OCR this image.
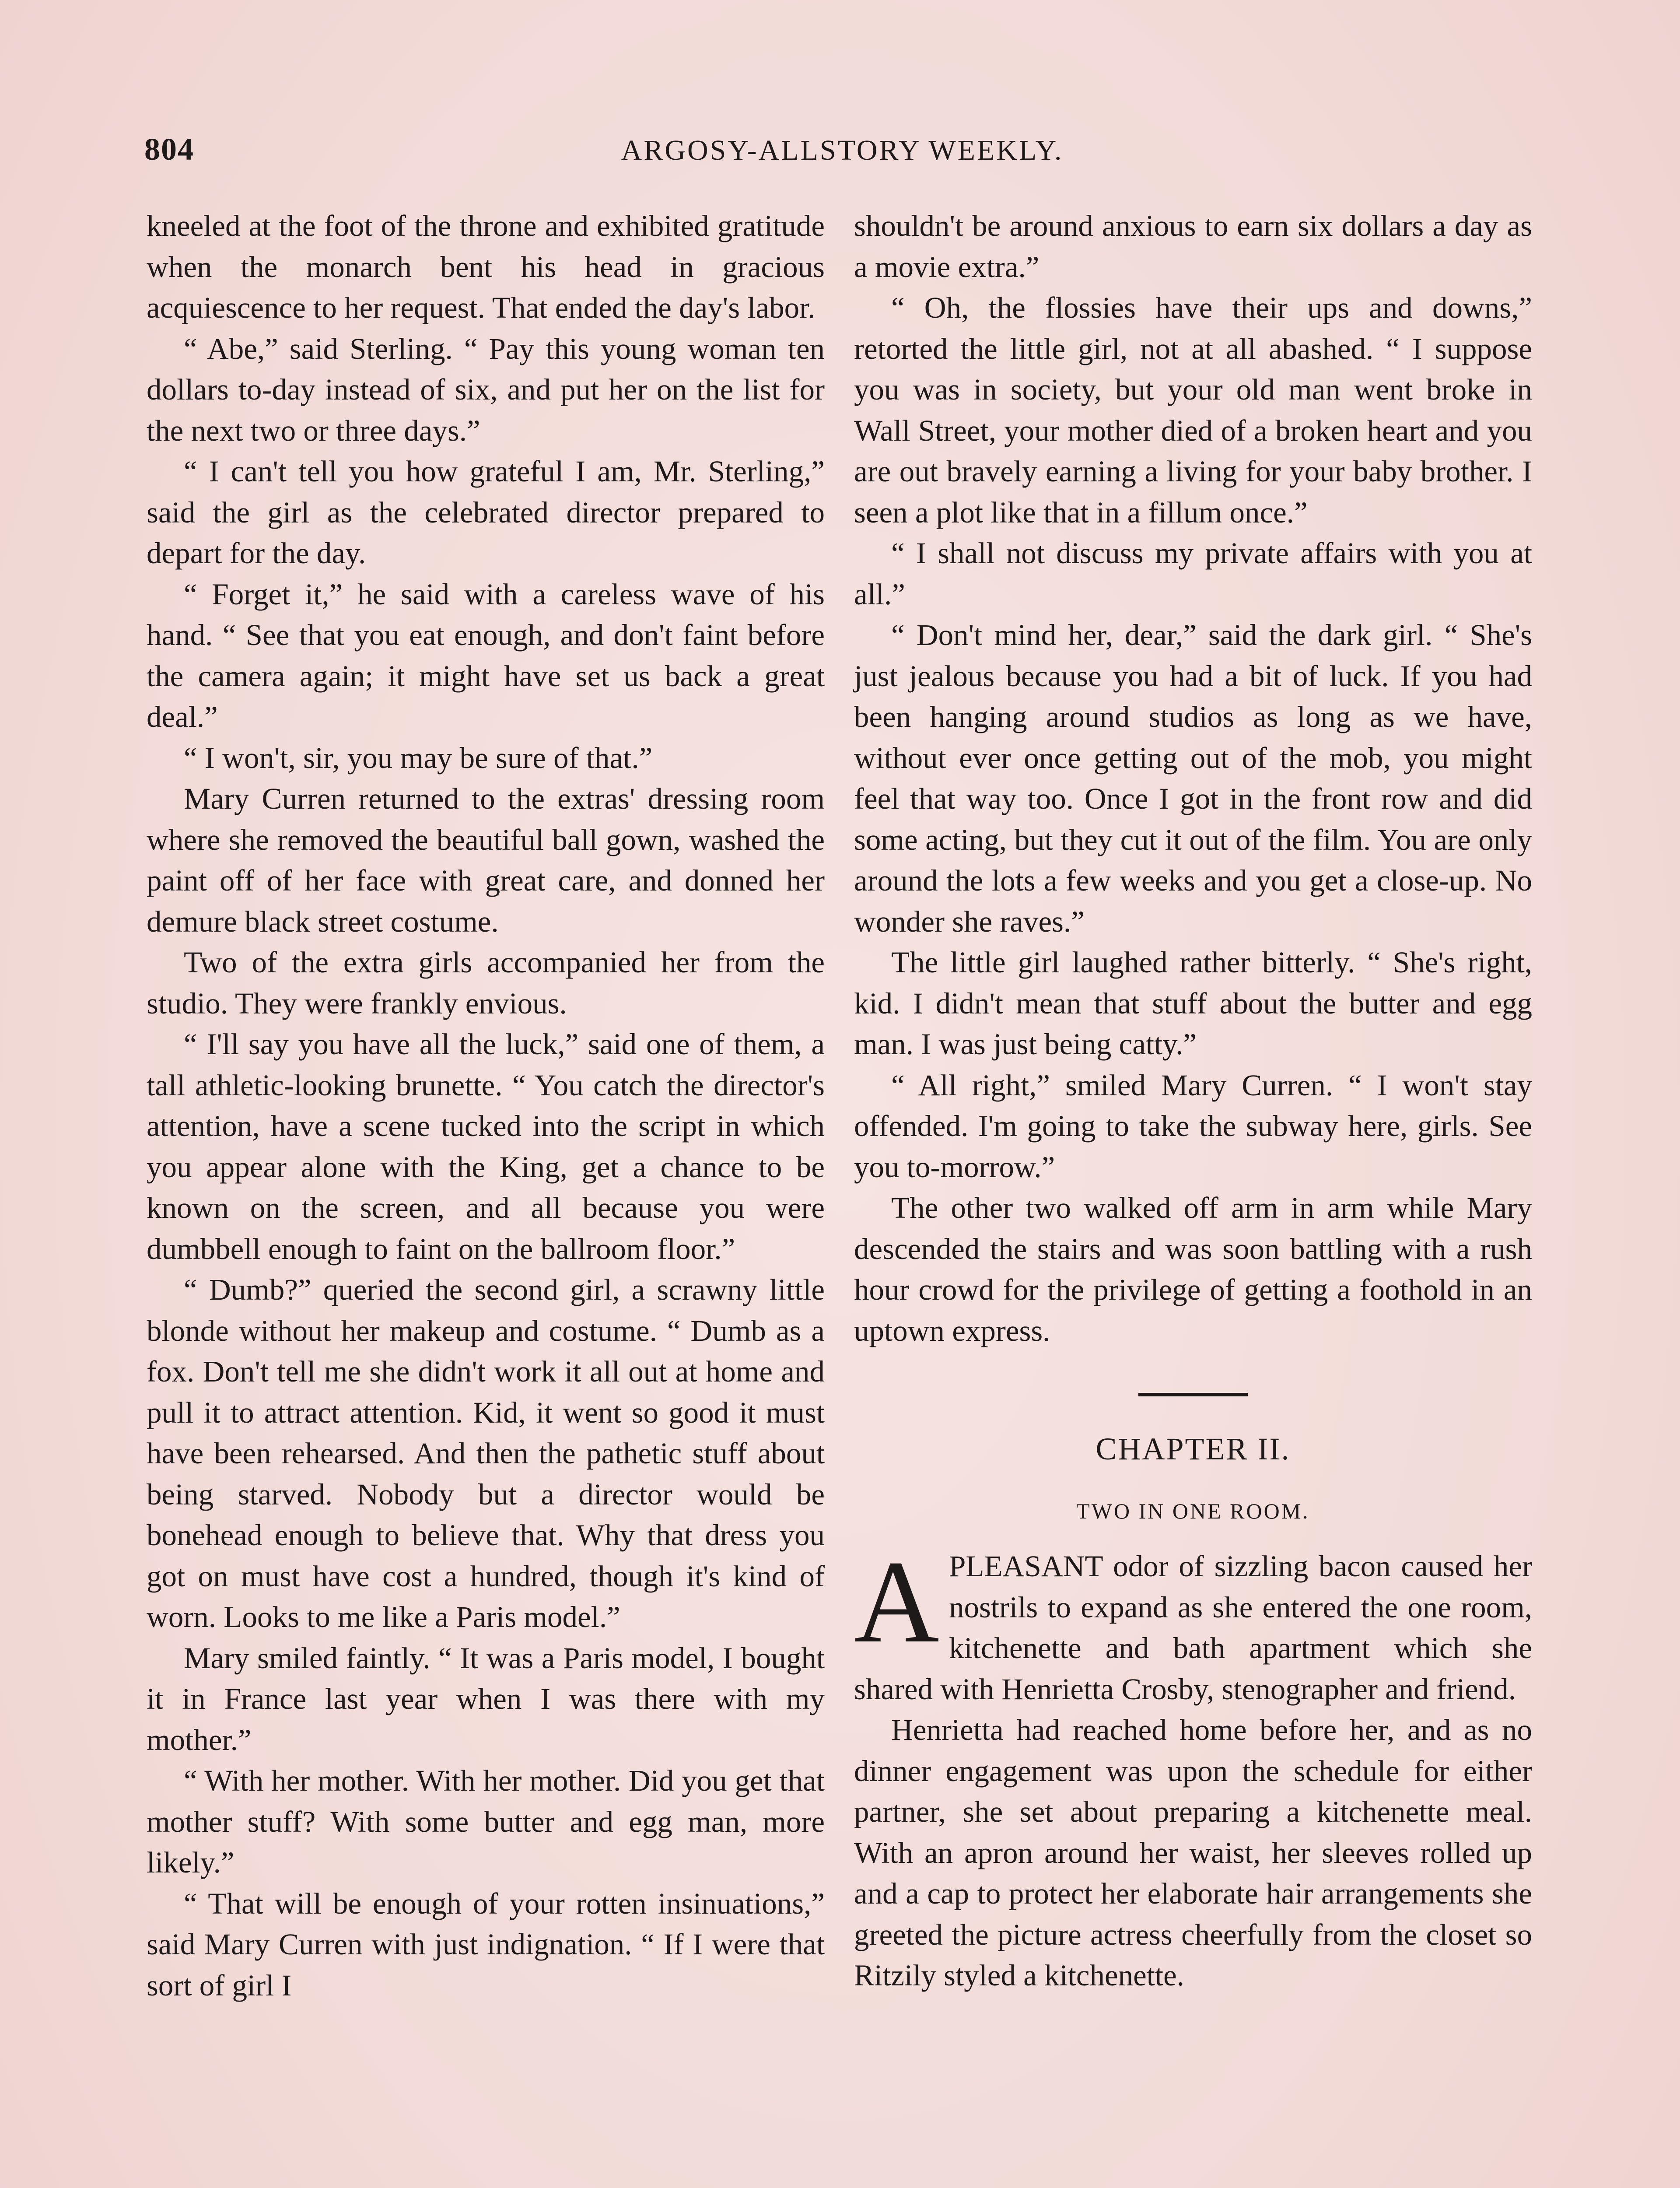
804	ARGOSY-ALLSTORY WEEKLY.

kneeled at the foot of the throne and exhibited gratitude when the monarch bent his head in gracious acquiescence to her request. That ended the day's labor.

“ Abe,” said Sterling. “ Pay this young woman ten dollars to-day instead of six, and put her on the list for the next two or three days.”

“ I can't tell you how grateful I am, Mr. Sterling,” said the girl as the celebrated director prepared to depart for the day.

“ Forget it,” he said with a careless wave of his hand. “ See that you eat enough, and don't faint before the camera again; it might have set us back a great deal.”

“ I won't, sir, you may be sure of that.”

Mary Curren returned to the extras' dressing room where she removed the beautiful ball gown, washed the paint off of her face with great care, and donned her demure black street costume.

Two of the extra girls accompanied her from the studio. They were frankly envious.

“ I'll say you have all the luck,” said one of them, a tall athletic-looking brunette. “ You catch the director's attention, have a scene tucked into the script in which you appear alone with the King, get a chance to be known on the screen, and all because you were dumbbell enough to faint on the ballroom floor.”

“ Dumb?” queried the second girl, a scrawny little blonde without her makeup and costume. “ Dumb as a fox. Don't tell me she didn't work it all out at home and pull it to attract attention. Kid, it went so good it must have been rehearsed. And then the pathetic stuff about being starved. Nobody but a director would be bonehead enough to believe that. Why that dress you got on must have cost a hundred, though it's kind of worn. Looks to me like a Paris model.”

Mary smiled faintly. “ It was a Paris model, I bought it in France last year when I was there with my mother.”

“ With her mother. With her mother. Did you get that mother stuff? With some butter and egg man, more likely.”

“ That will be enough of your rotten insinuations,” said Mary Curren with just indignation. “ If I were that sort of girl I

shouldn't be around anxious to earn six dollars a day as a movie extra.”

“ Oh, the flossies have their ups and downs,” retorted the little girl, not at all abashed. “ I suppose you was in society, but your old man went broke in Wall Street, your mother died of a broken heart and you are out bravely earning a living for your baby brother. I seen a plot like that in a fillum once.”

“ I shall not discuss my private affairs with you at all.”

“ Don't mind her, dear,” said the dark girl. “ She's just jealous because you had a bit of luck. If you had been hanging around studios as long as we have, without ever once getting out of the mob, you might feel that way too. Once I got in the front row and did some acting, but they cut it out of the film. You are only around the lots a few weeks and you get a close-up. No wonder she raves.”

The little girl laughed rather bitterly. “ She's right, kid. I didn't mean that stuff about the butter and egg man. I was just being catty.”

“ All right,” smiled Mary Curren. “ I won't stay offended. I'm going to take the subway here, girls. See you to-morrow.”

The other two walked off arm in arm while Mary descended the stairs and was soon battling with a rush hour crowd for the privilege of getting a foothold in an uptown express.

CHAPTER II.
TWO IN ONE ROOM.

APLEASANT odor of sizzling bacon caused her nostrils to expand as she entered the one room, kitchenette and bath apartment which she shared with Henrietta Crosby, stenographer and friend.

Henrietta had reached home before her, and as no dinner engagement was upon the schedule for either partner, she set about preparing a kitchenette meal. With an apron around her waist, her sleeves rolled up and a cap to protect her elaborate hair arrangements she greeted the picture actress cheerfully from the closet so Ritzily styled a kitchenette.
